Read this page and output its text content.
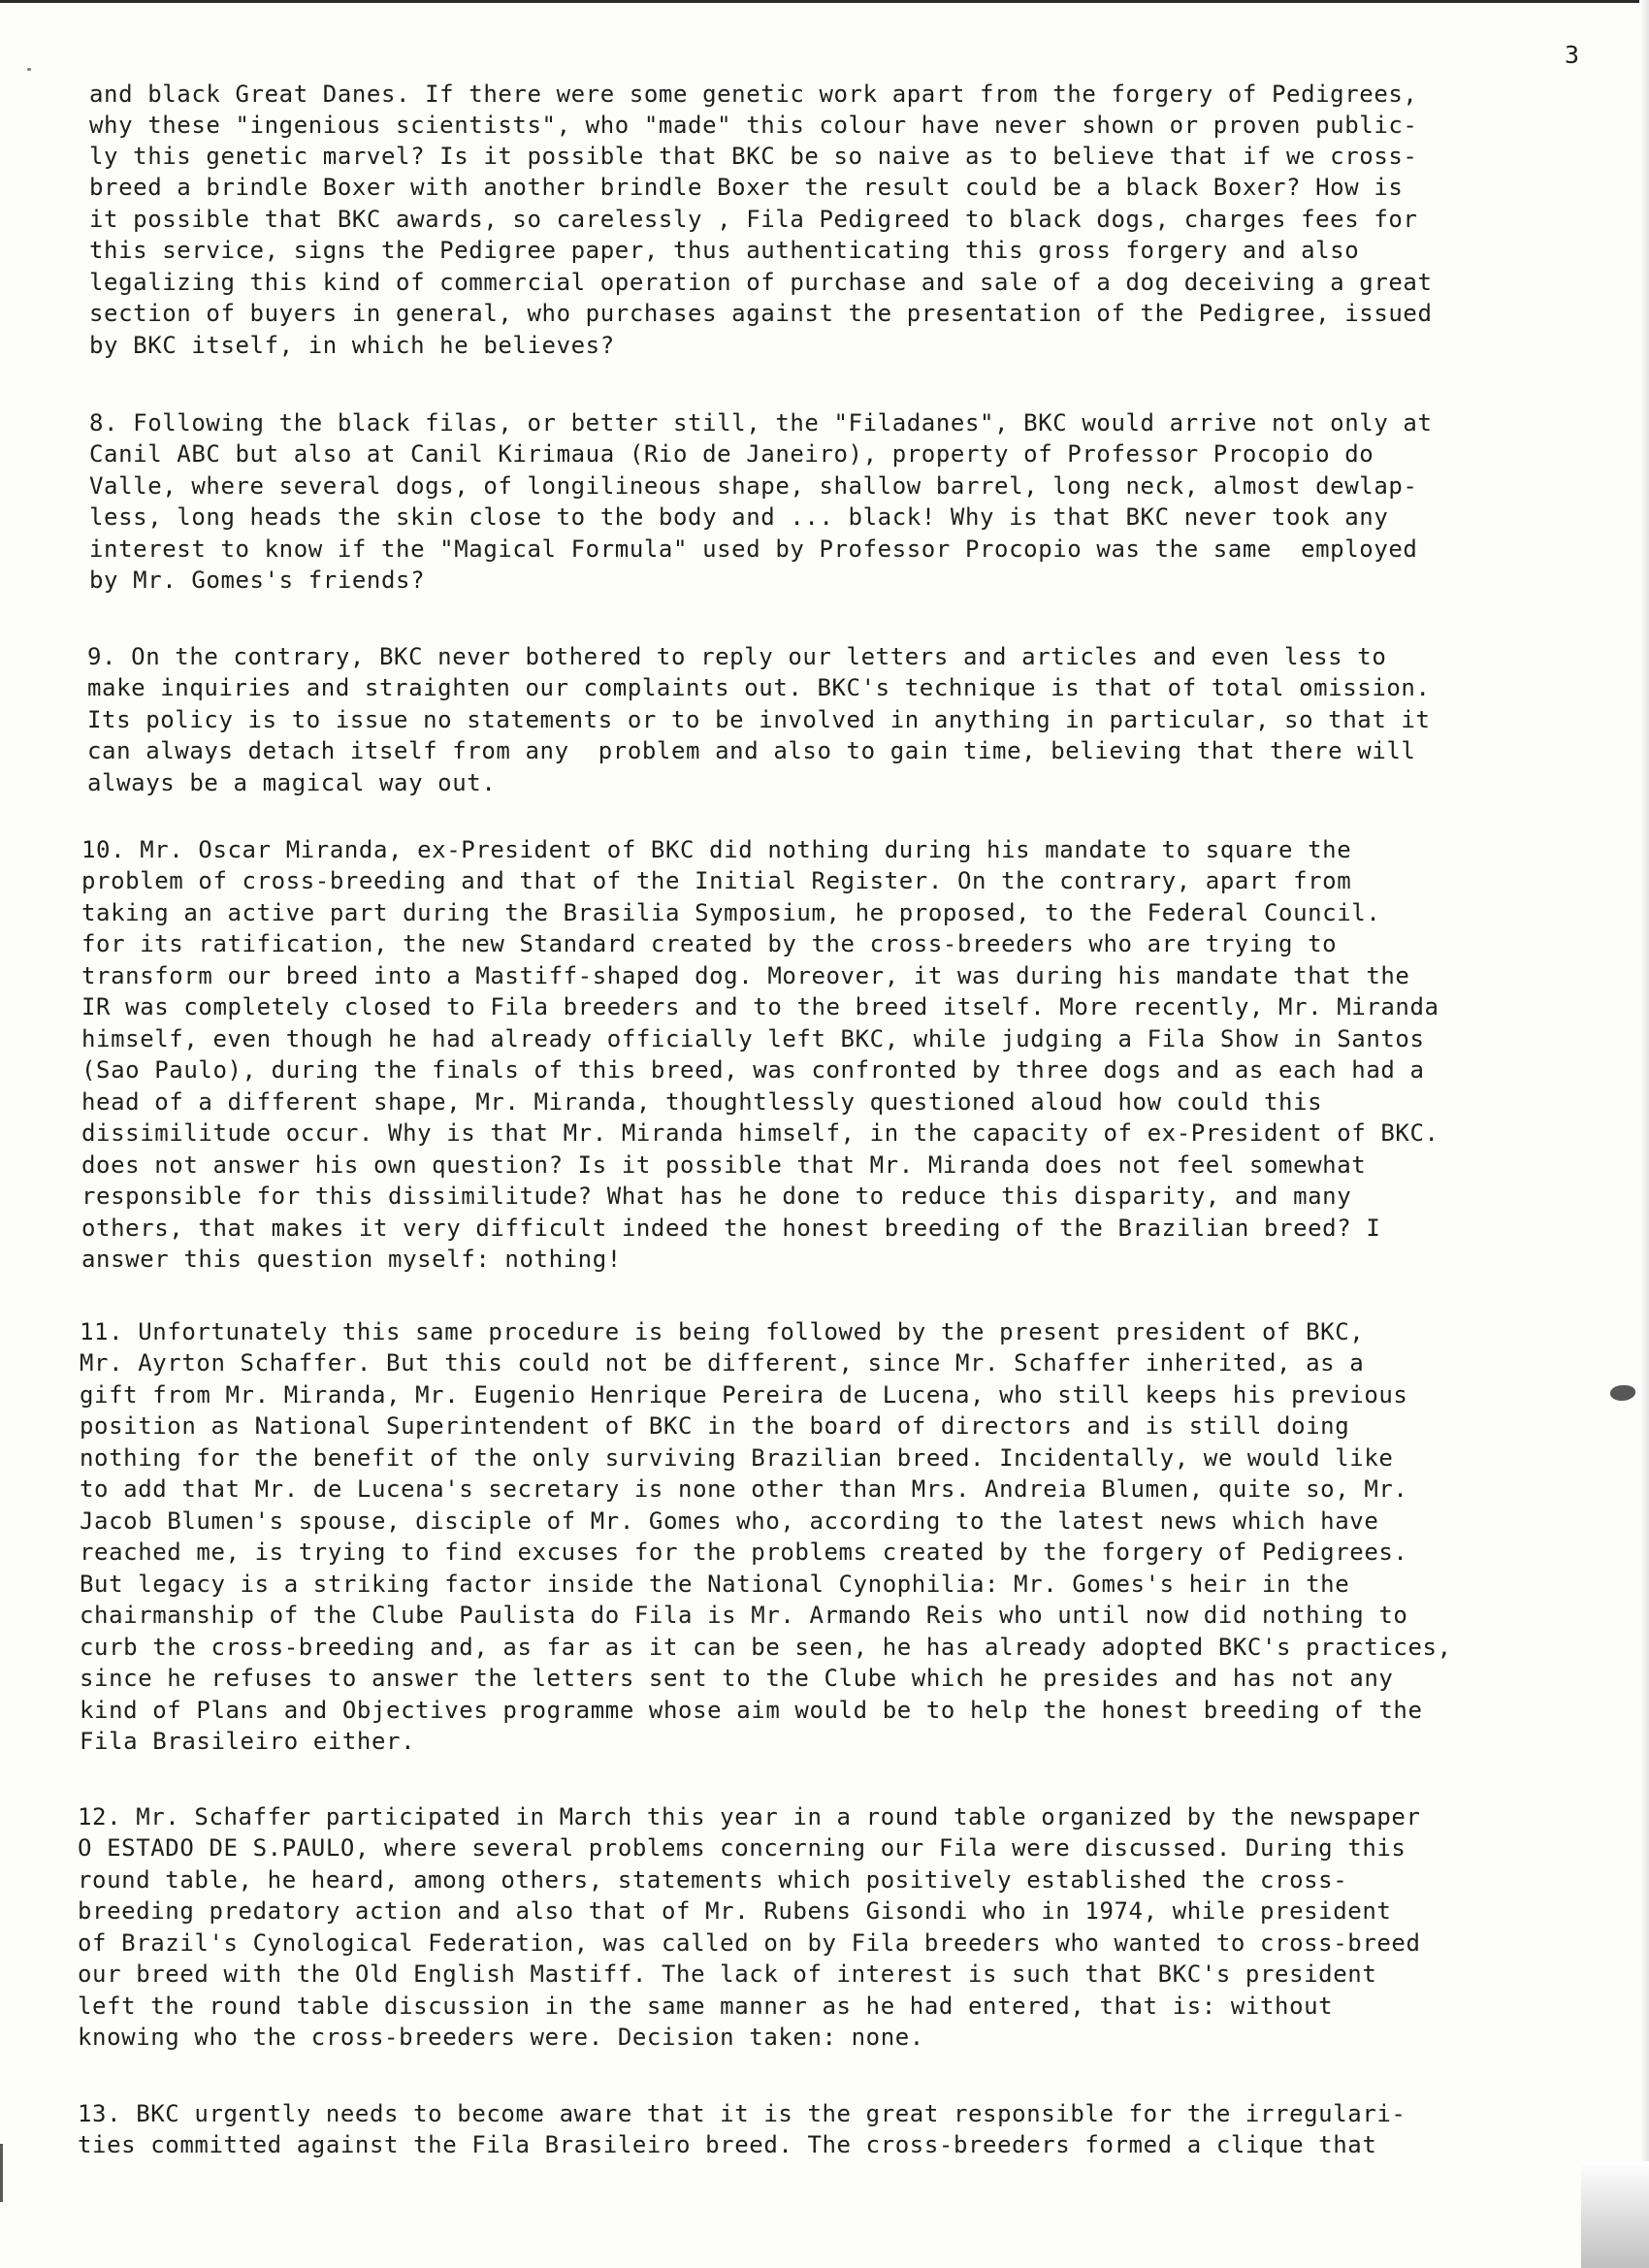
3
and black Great Danes. If there were some genetic work apart from the forgery of Pedigrees,
why these "ingenious scientists", who "made" this colour have never shown or proven public-
ly this genetic marvel? Is it possible that BKC be so naive as to believe that if we cross-
breed a brindle Boxer with another brindle Boxer the result could be a black Boxer? How is
it possible that BKC awards, so carelessly , Fila Pedigreed to black dogs, charges fees for
this service, signs the Pedigree paper, thus authenticating this gross forgery and also
legalizing this kind of commercial operation of purchase and sale of a dog deceiving a great
section of buyers in general, who purchases against the presentation of the Pedigree, issued
by BKC itself, in which he believes?
8. Following the black filas, or better still, the "Filadanes", BKC would arrive not only at
Canil ABC but also at Canil Kirimaua (Rio de Janeiro), property of Professor Procopio do
Valle, where several dogs, of longilineous shape, shallow barrel, long neck, almost dewlap-
less, long heads the skin close to the body and ... black! Why is that BKC never took any
interest to know if the "Magical Formula" used by Professor Procopio was the same  employed
by Mr. Gomes's friends?
9. On the contrary, BKC never bothered to reply our letters and articles and even less to
make inquiries and straighten our complaints out. BKC's technique is that of total omission.
Its policy is to issue no statements or to be involved in anything in particular, so that it
can always detach itself from any  problem and also to gain time, believing that there will
always be a magical way out.
10. Mr. Oscar Miranda, ex-President of BKC did nothing during his mandate to square the
problem of cross-breeding and that of the Initial Register. On the contrary, apart from
taking an active part during the Brasilia Symposium, he proposed, to the Federal Council.
for its ratification, the new Standard created by the cross-breeders who are trying to
transform our breed into a Mastiff-shaped dog. Moreover, it was during his mandate that the
IR was completely closed to Fila breeders and to the breed itself. More recently, Mr. Miranda
himself, even though he had already officially left BKC, while judging a Fila Show in Santos
(Sao Paulo), during the finals of this breed, was confronted by three dogs and as each had a
head of a different shape, Mr. Miranda, thoughtlessly questioned aloud how could this
dissimilitude occur. Why is that Mr. Miranda himself, in the capacity of ex-President of BKC.
does not answer his own question? Is it possible that Mr. Miranda does not feel somewhat
responsible for this dissimilitude? What has he done to reduce this disparity, and many
others, that makes it very difficult indeed the honest breeding of the Brazilian breed? I
answer this question myself: nothing!
11. Unfortunately this same procedure is being followed by the present president of BKC,
Mr. Ayrton Schaffer. But this could not be different, since Mr. Schaffer inherited, as a
gift from Mr. Miranda, Mr. Eugenio Henrique Pereira de Lucena, who still keeps his previous
position as National Superintendent of BKC in the board of directors and is still doing
nothing for the benefit of the only surviving Brazilian breed. Incidentally, we would like
to add that Mr. de Lucena's secretary is none other than Mrs. Andreia Blumen, quite so, Mr.
Jacob Blumen's spouse, disciple of Mr. Gomes who, according to the latest news which have
reached me, is trying to find excuses for the problems created by the forgery of Pedigrees.
But legacy is a striking factor inside the National Cynophilia: Mr. Gomes's heir in the
chairmanship of the Clube Paulista do Fila is Mr. Armando Reis who until now did nothing to
curb the cross-breeding and, as far as it can be seen, he has already adopted BKC's practices,
since he refuses to answer the letters sent to the Clube which he presides and has not any
kind of Plans and Objectives programme whose aim would be to help the honest breeding of the
Fila Brasileiro either.
12. Mr. Schaffer participated in March this year in a round table organized by the newspaper
O ESTADO DE S.PAULO, where several problems concerning our Fila were discussed. During this
round table, he heard, among others, statements which positively established the cross-
breeding predatory action and also that of Mr. Rubens Gisondi who in 1974, while president
of Brazil's Cynological Federation, was called on by Fila breeders who wanted to cross-breed
our breed with the Old English Mastiff. The lack of interest is such that BKC's president
left the round table discussion in the same manner as he had entered, that is: without
knowing who the cross-breeders were. Decision taken: none.
13. BKC urgently needs to become aware that it is the great responsible for the irregulari-
ties committed against the Fila Brasileiro breed. The cross-breeders formed a clique that
